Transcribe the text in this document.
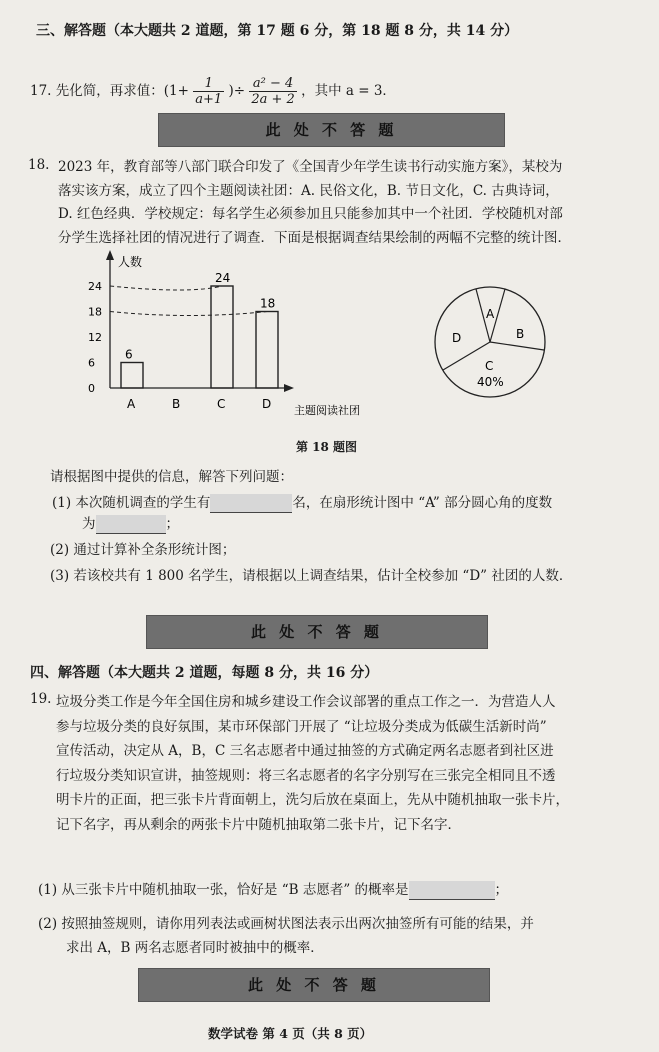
三、解答题（本大题共 2 道题，第 17 题 6 分，第 18 题 8 分，共 14 分）
17. 先化简，再求值：($1+ \frac{1}{a+1}$ )÷ $\frac{\text{a² − 4}}{2a + 2}$ ，其中 a = 3．
此 处 不 答 题
18. 2023 年，教育部等八部门联合印发了《全国青少年学生读书行动实施方案》，某校为
落实该方案，成立了四个主题阅读社团：A. 民俗文化，B. 节日文化，C. 古典诗词，
D. 红色经典．学校规定：每名学生必须参加且只能参加其中一个社团．学校随机对部
分学生选择社团的情况进行了调查．下面是根据调查结果绘制的两幅不完整的统计图．
人数
主题阅读社团
0
6
12
18
24
6
24
18
A	B	C	D
A
B
C
40%
D
第 18 题图
请根据图中提供的信息，解答下列问题：
(1) 本次随机调查的学生有	名，在扇形统计图中 “A” 部分圆心角的度数
为	；
(2) 通过计算补全条形统计图；
(3) 若该校共有 1 800 名学生，请根据以上调查结果，估计全校参加 “D” 社团的人数．
此 处 不 答 题
四、解答题（本大题共 2 道题，每题 8 分，共 16 分）
19. 垃圾分类工作是今年全国住房和城乡建设工作会议部署的重点工作之一．为营造人人
参与垃圾分类的良好氛围，某市环保部门开展了 “让垃圾分类成为低碳生活新时尚”
宣传活动，决定从 A，B，C 三名志愿者中通过抽签的方式确定两名志愿者到社区进
行垃圾分类知识宣讲，抽签规则：将三名志愿者的名字分别写在三张完全相同且不透
明卡片的正面，把三张卡片背面朝上，洗匀后放在桌面上，先从中随机抽取一张卡片，
记下名字，再从剩余的两张卡片中随机抽取第二张卡片，记下名字．
(1) 从三张卡片中随机抽取一张，恰好是 “B 志愿者” 的概率是	；
(2) 按照抽签规则，请你用列表法或画树状图法表示出两次抽签所有可能的结果，并
求出 A，B 两名志愿者同时被抽中的概率．
此 处 不 答 题
数学试卷 第 4 页（共 8 页）
